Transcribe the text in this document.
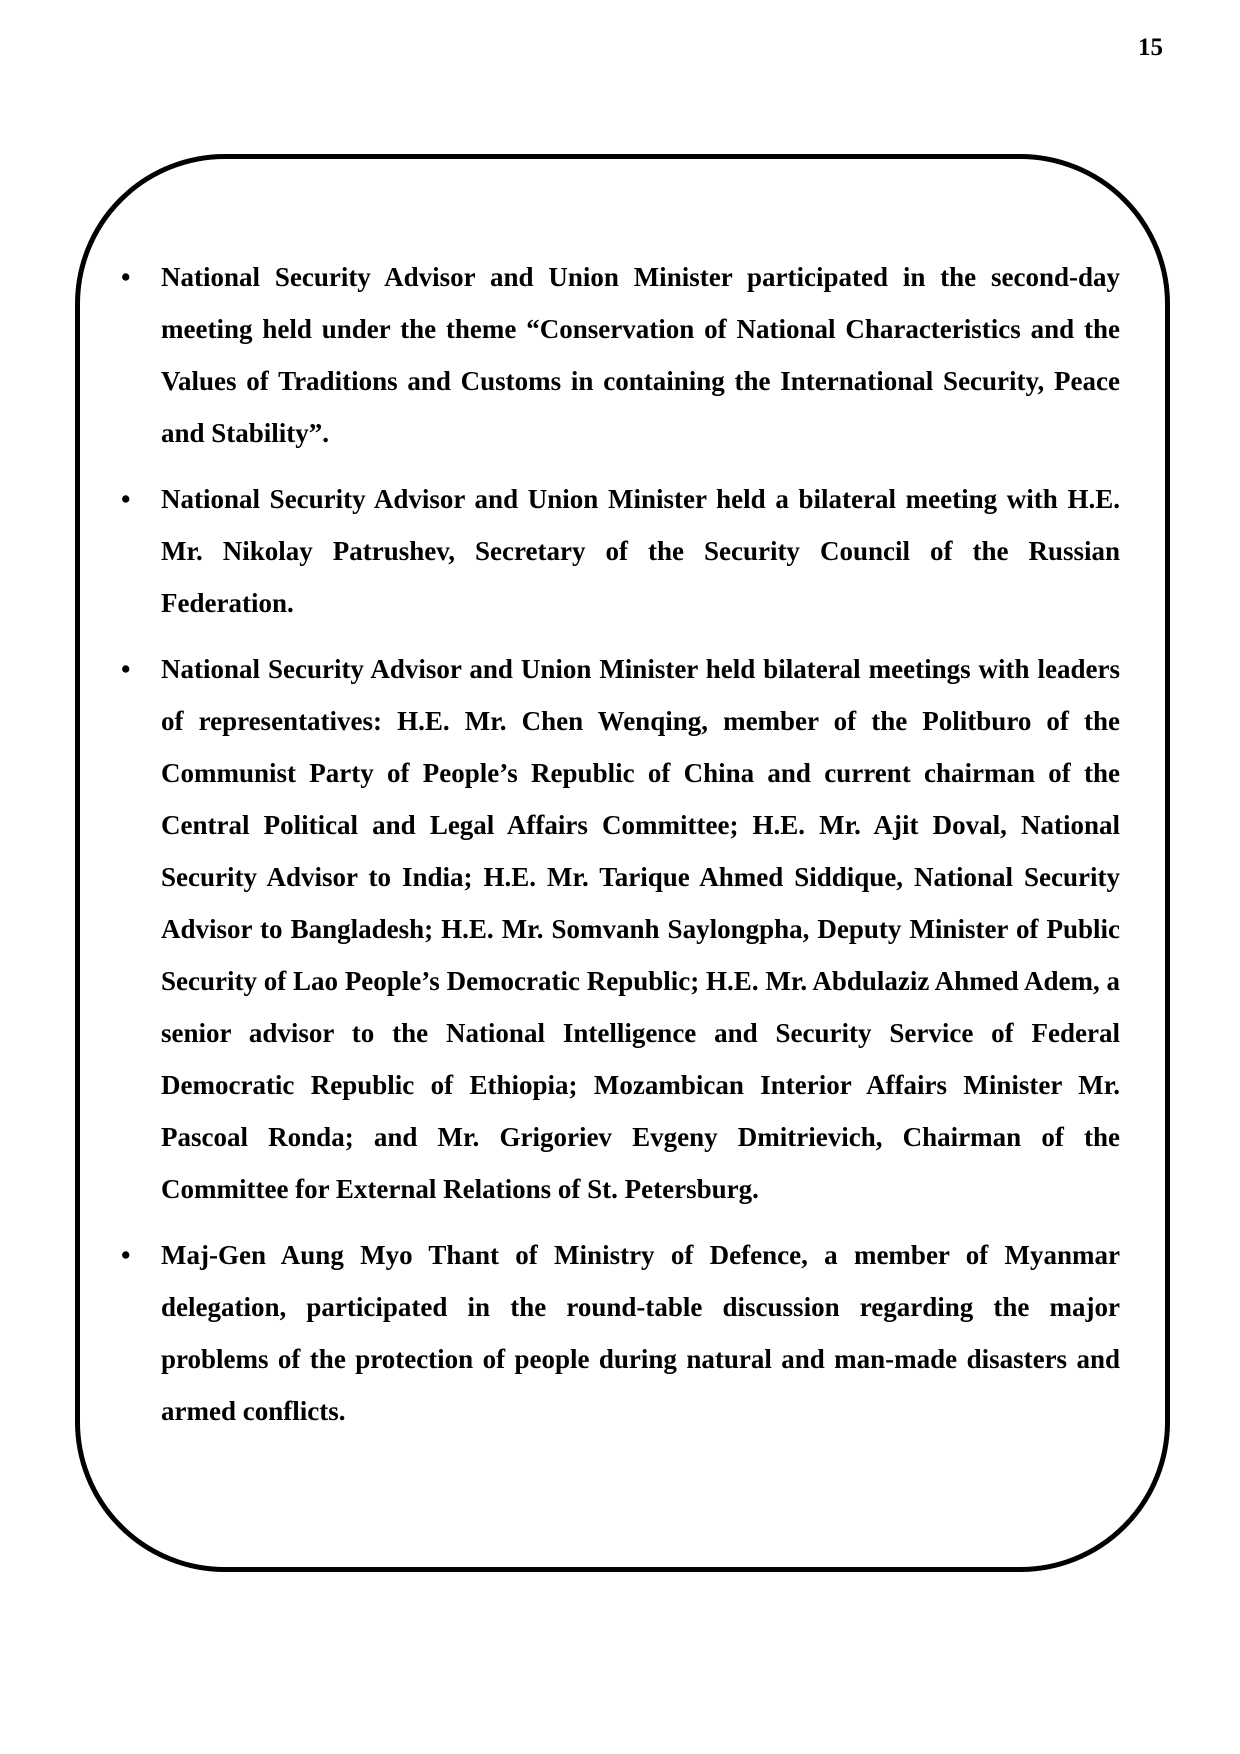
15
• National Security Advisor and Union Minister participated in the second-day meeting held under the theme “Conservation of National Characteristics and the Values of Traditions and Customs in containing the International Security, Peace and Stability”.

• National Security Advisor and Union Minister held a bilateral meeting with H.E. Mr. Nikolay Patrushev, Secretary of the Security Council of the Russian Federation.

• National Security Advisor and Union Minister held bilateral meetings with leaders of representatives: H.E. Mr. Chen Wenqing, member of the Politburo of the Communist Party of People’s Republic of China and current chairman of the Central Political and Legal Affairs Committee; H.E. Mr. Ajit Doval, National Security Advisor to India; H.E. Mr. Tarique Ahmed Siddique, National Security Advisor to Bangladesh; H.E. Mr. Somvanh Saylongpha, Deputy Minister of Public Security of Lao People’s Democratic Republic; H.E. Mr. Abdulaziz Ahmed Adem, a senior advisor to the National Intelligence and Security Service of Federal Democratic Republic of Ethiopia; Mozambican Interior Affairs Minister Mr. Pascoal Ronda; and Mr. Grigoriev Evgeny Dmitrievich, Chairman of the Committee for External Relations of St. Petersburg.

• Maj-Gen Aung Myo Thant of Ministry of Defence, a member of Myanmar delegation, participated in the round-table discussion regarding the major problems of the protection of people during natural and man-made disasters and armed conflicts.
